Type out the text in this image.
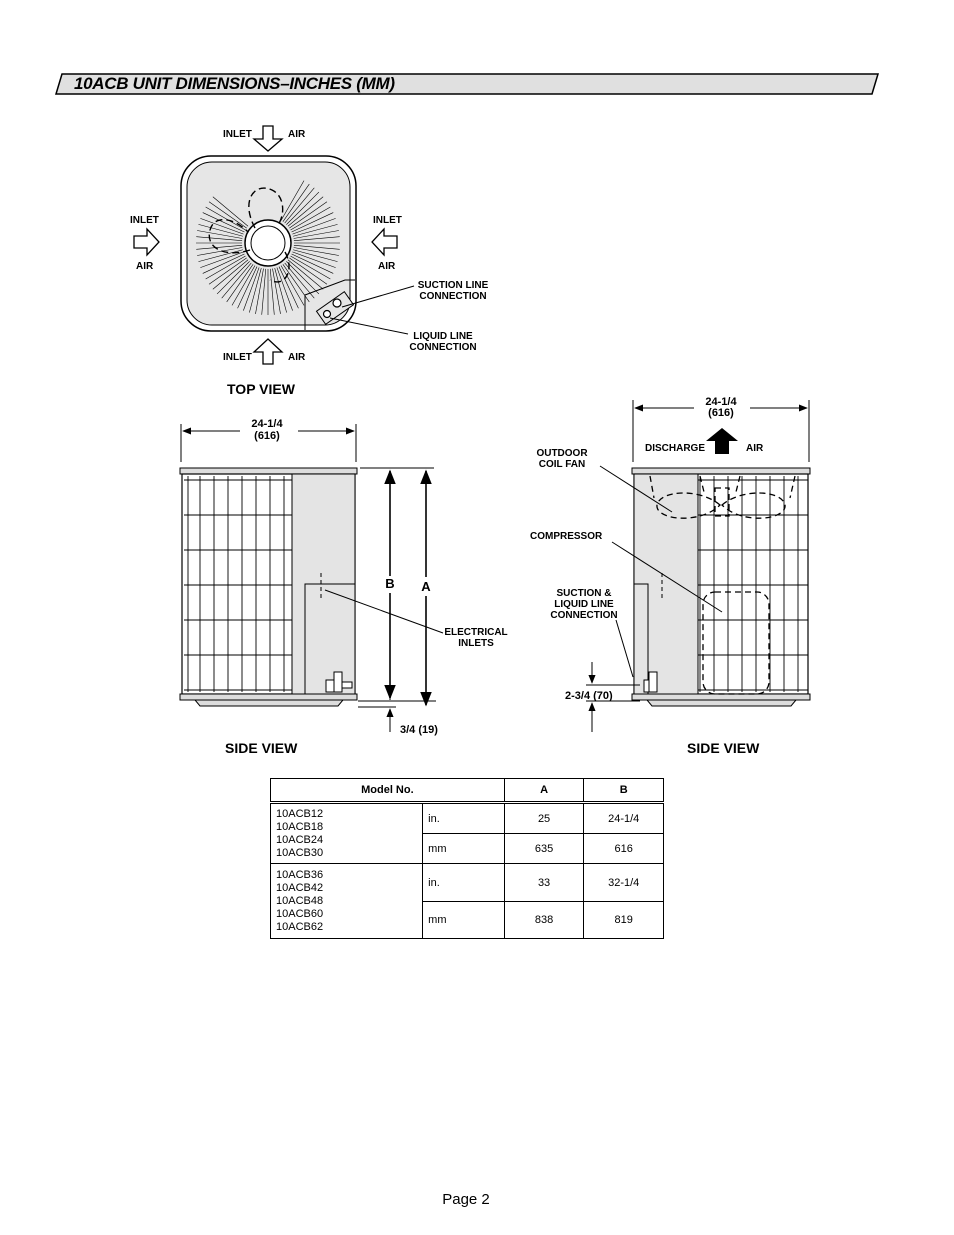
10ACB UNIT DIMENSIONS–INCHES (MM)
INLET	AIR
INLET	AIR
INLET
AIR
INLET
AIR
SUCTION LINE CONNECTION
LIQUID LINE CONNECTION
TOP VIEW
24-1/4
(616)
B A
ELECTRICAL INLETS
3/4 (19)
SIDE VIEW
24-1/4
(616)
DISCHARGE	AIR
OUTDOOR COIL FAN
COMPRESSOR
SUCTION & LIQUID LINE CONNECTION
2-3/4 (70)
SIDE VIEW
Model No.		A	B

10ACB12
10ACB18
10ACB24
10ACB30	in.	25	24-1/4
	mm	635	616

10ACB36
10ACB42
10ACB48
10ACB60
10ACB62	in.	33	32-1/4
	mm	838	819
Page 2
